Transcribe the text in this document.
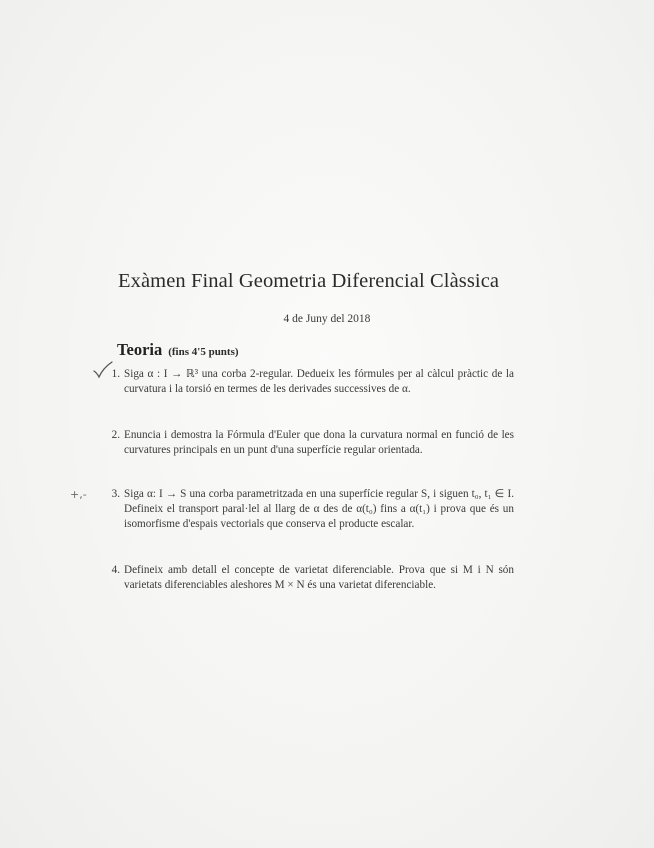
Exàmen Final Geometria Diferencial Clàssica
4 de Juny del 2018
Teoria (fins 4'5 punts)
+,-
1. Siga α : I → ℝ³ una corba 2-regular. Dedueix les fórmules per al càlcul pràctic de la curvatura i la torsió en termes de les derivades successives de α.
2. Enuncia i demostra la Fórmula d'Euler que dona la curvatura normal en funció de les curvatures principals en un punt d'una superfície regular orientada.
3. Siga α: I → S una corba parametritzada en una superfície regular S, i siguen t₀, t₁ ∈ I. Defineix el transport paral·lel al llarg de α des de α(t₀) fins a α(t₁) i prova que és un isomorfisme d'espais vectorials que conserva el producte escalar.
4. Defineix amb detall el concepte de varietat diferenciable. Prova que si M i N són varietats diferenciables aleshores M × N és una varietat diferenciable.
